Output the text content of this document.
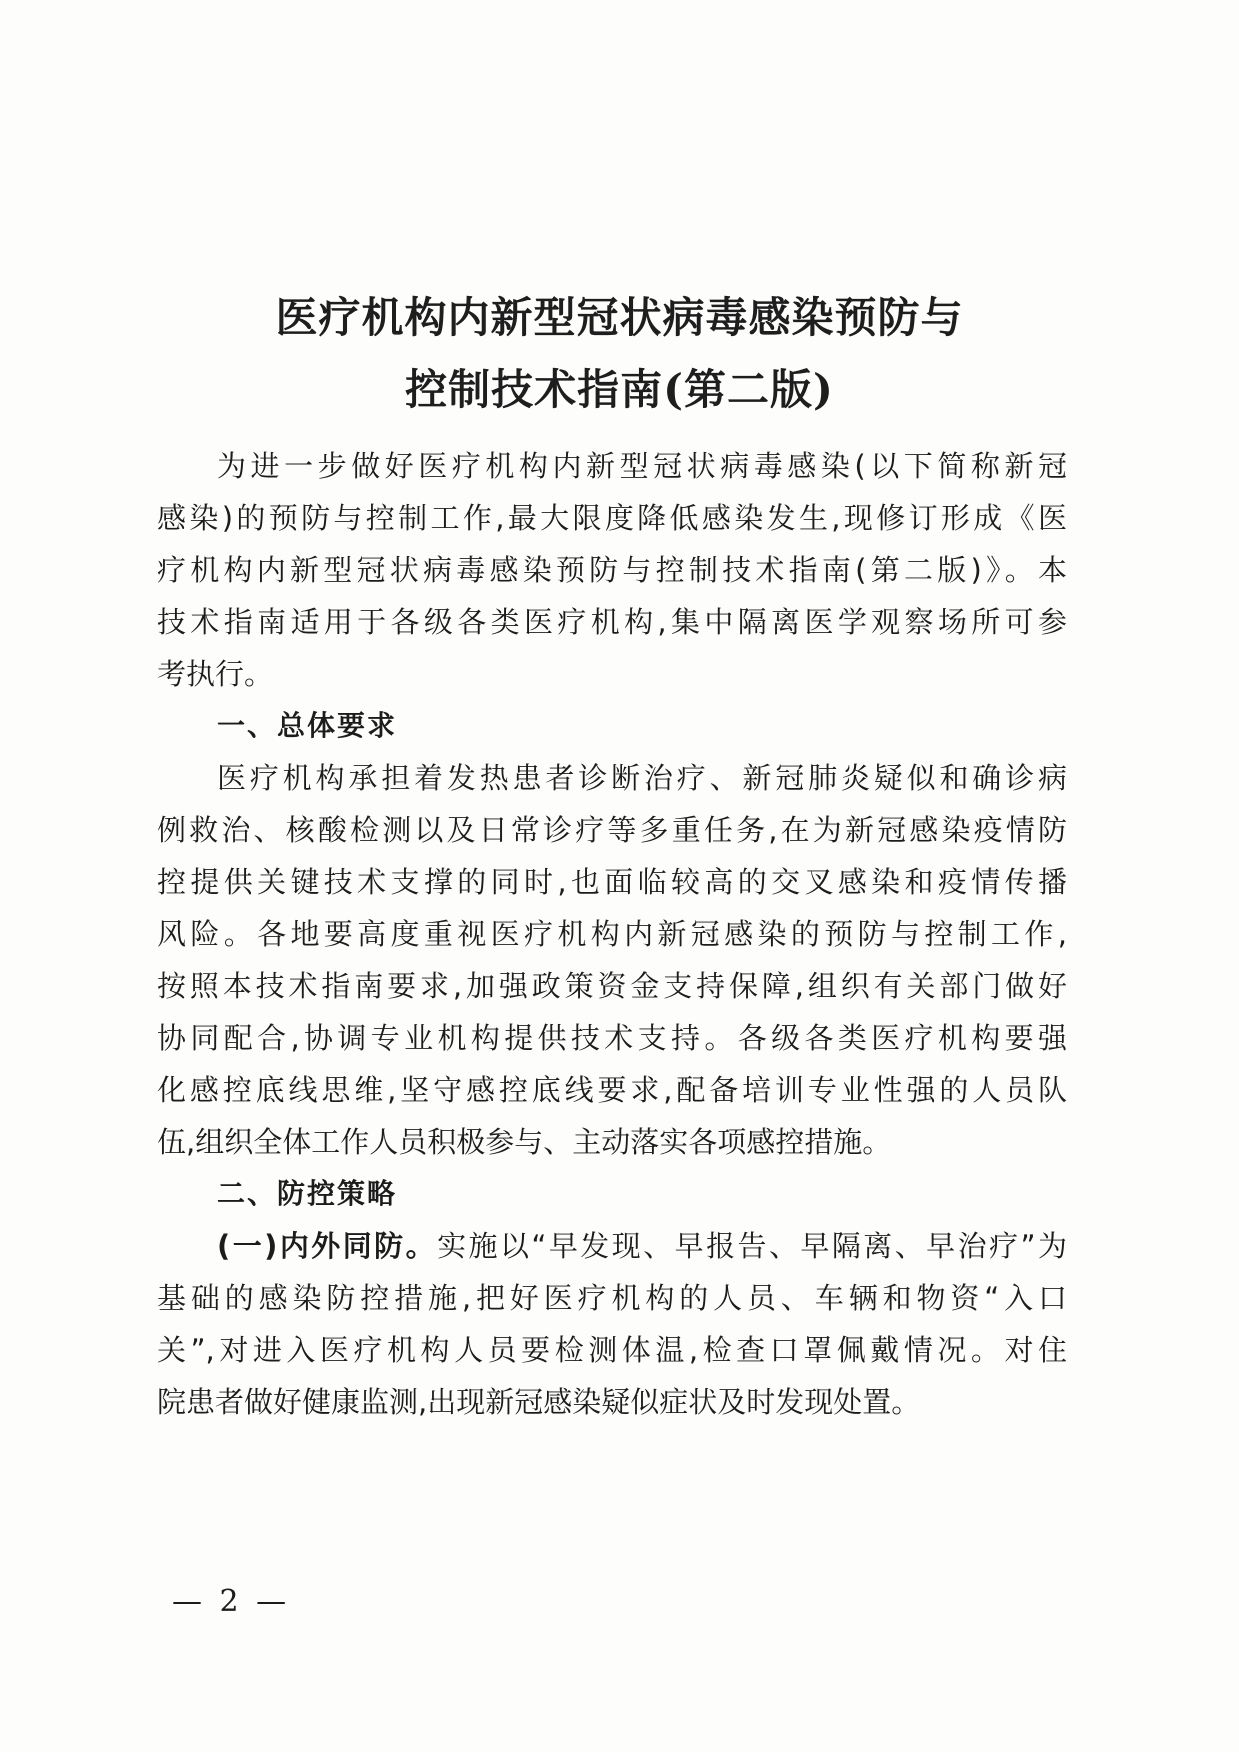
医疗机构内新型冠状病毒感染预防与
控制技术指南(第二版)
为进一步做好医疗机构内新型冠状病毒感染(以下简称新冠
感染)的预防与控制工作,最大限度降低感染发生,现修订形成《医
疗机构内新型冠状病毒感染预防与控制技术指南(第二版)》。本
技术指南适用于各级各类医疗机构,集中隔离医学观察场所可参
考执行。
一、总体要求
医疗机构承担着发热患者诊断治疗、新冠肺炎疑似和确诊病
例救治、核酸检测以及日常诊疗等多重任务,在为新冠感染疫情防
控提供关键技术支撑的同时,也面临较高的交叉感染和疫情传播
风险。各地要高度重视医疗机构内新冠感染的预防与控制工作,
按照本技术指南要求,加强政策资金支持保障,组织有关部门做好
协同配合,协调专业机构提供技术支持。各级各类医疗机构要强
化感控底线思维,坚守感控底线要求,配备培训专业性强的人员队
伍,组织全体工作人员积极参与、主动落实各项感控措施。
二、防控策略
(一)内外同防。实施以“早发现、早报告、早隔离、早治疗”为
基础的感染防控措施,把好医疗机构的人员、车辆和物资“入口
关”,对进入医疗机构人员要检测体温,检查口罩佩戴情况。对住
院患者做好健康监测,出现新冠感染疑似症状及时发现处置。
— 2 —
